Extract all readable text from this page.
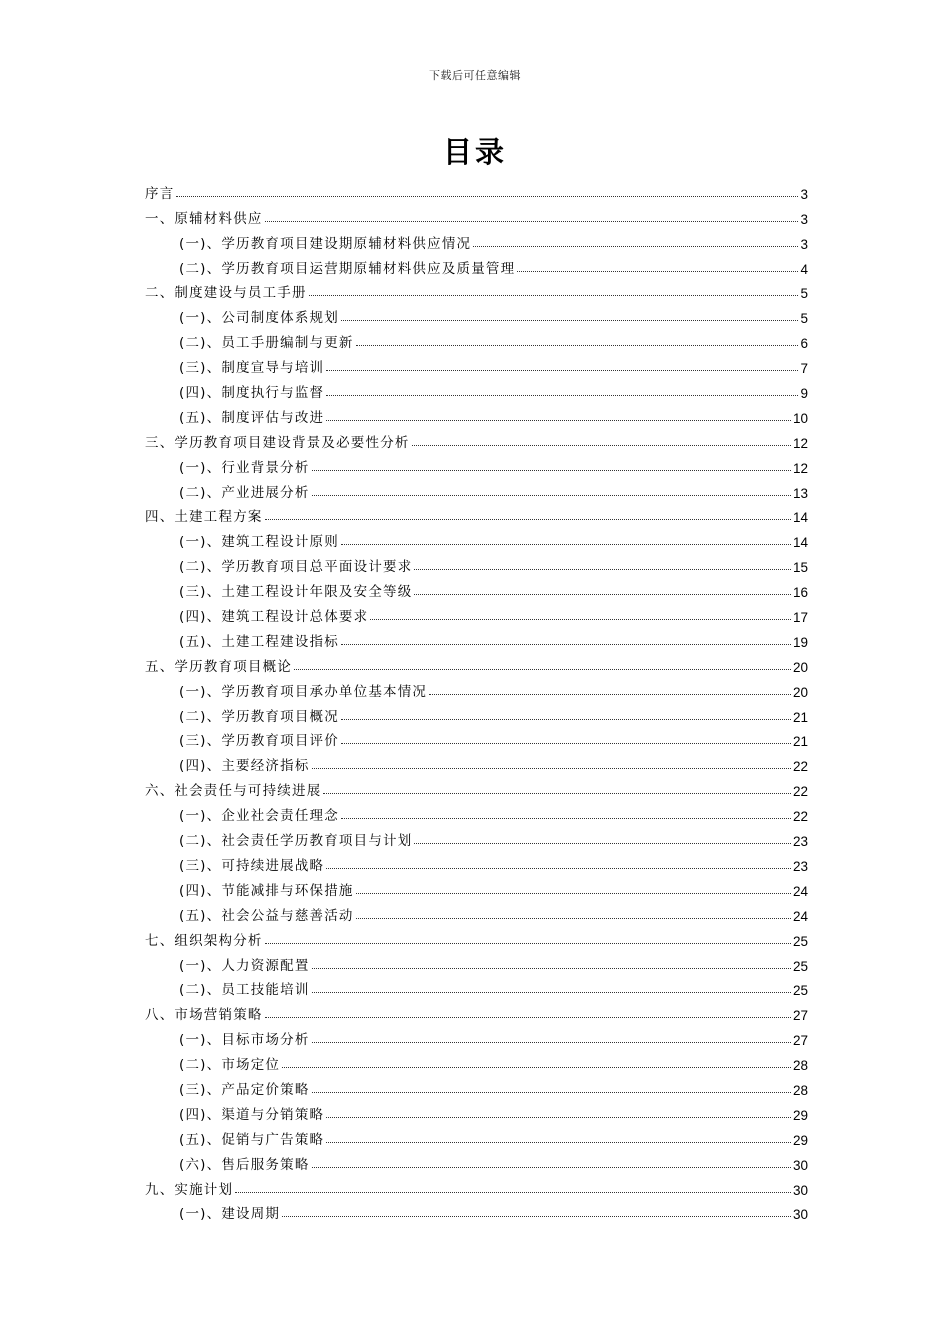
下载后可任意编辑
目录
序言	3
一、原辅材料供应	3
(一)、学历教育项目建设期原辅材料供应情况	3
(二)、学历教育项目运营期原辅材料供应及质量管理	4
二、制度建设与员工手册	5
(一)、公司制度体系规划	5
(二)、员工手册编制与更新	6
(三)、制度宣导与培训	7
(四)、制度执行与监督	9
(五)、制度评估与改进	10
三、学历教育项目建设背景及必要性分析	12
(一)、行业背景分析	12
(二)、产业进展分析	13
四、土建工程方案	14
(一)、建筑工程设计原则	14
(二)、学历教育项目总平面设计要求	15
(三)、土建工程设计年限及安全等级	16
(四)、建筑工程设计总体要求	17
(五)、土建工程建设指标	19
五、学历教育项目概论	20
(一)、学历教育项目承办单位基本情况	20
(二)、学历教育项目概况	21
(三)、学历教育项目评价	21
(四)、主要经济指标	22
六、社会责任与可持续进展	22
(一)、企业社会责任理念	22
(二)、社会责任学历教育项目与计划	23
(三)、可持续进展战略	23
(四)、节能减排与环保措施	24
(五)、社会公益与慈善活动	24
七、组织架构分析	25
(一)、人力资源配置	25
(二)、员工技能培训	25
八、市场营销策略	27
(一)、目标市场分析	27
(二)、市场定位	28
(三)、产品定价策略	28
(四)、渠道与分销策略	29
(五)、促销与广告策略	29
(六)、售后服务策略	30
九、实施计划	30
(一)、建设周期	30
